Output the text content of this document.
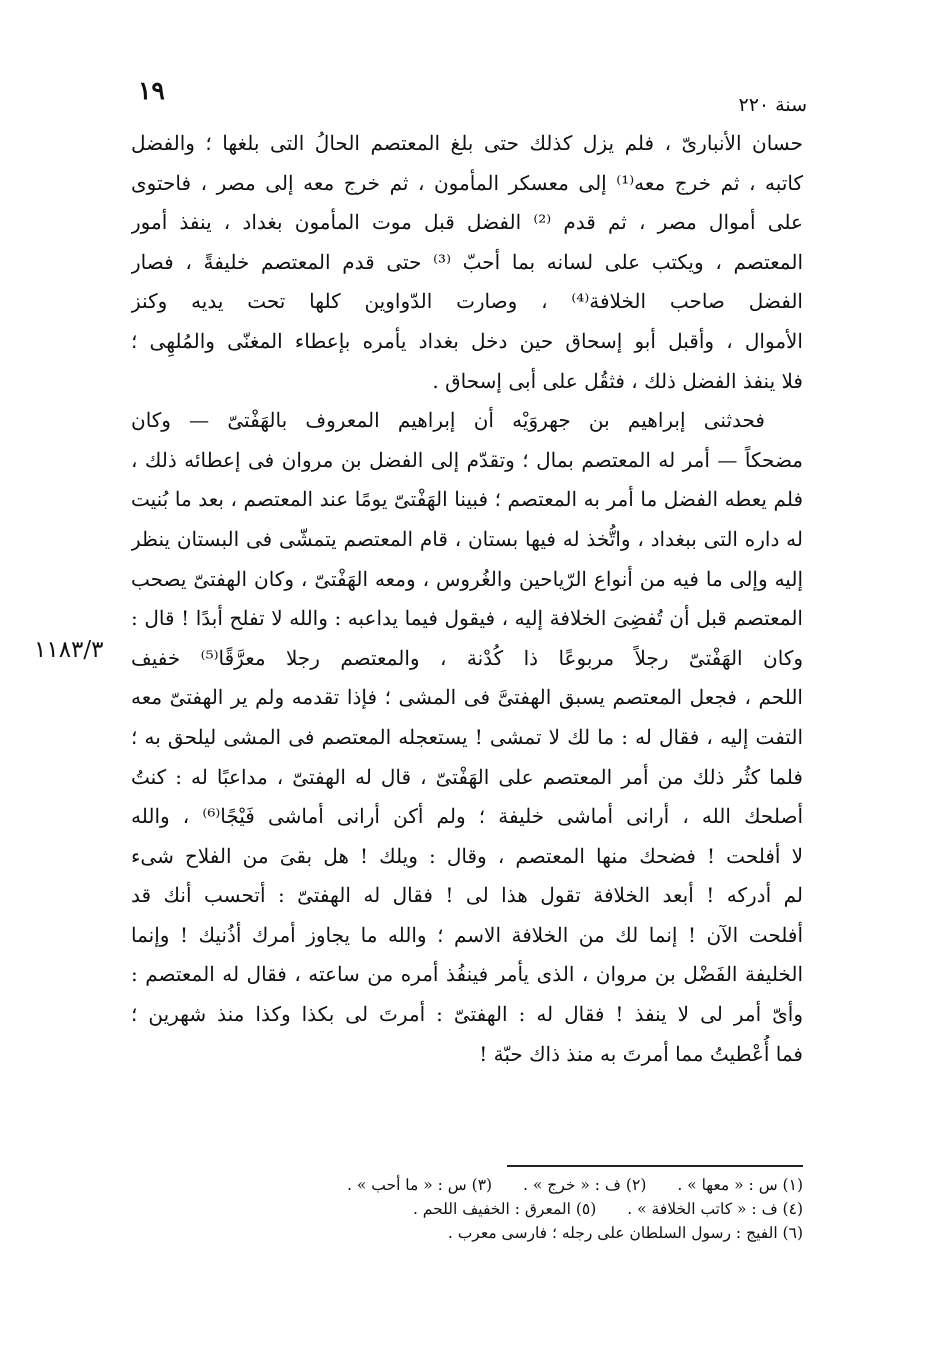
١٩	سنة ٢٢٠
١١٨٣/٣
حسان الأنبارىّ ، فلم يزل كذلك حتى بلغ المعتصم الحالُ التى بلغها ؛ والفضل
كاتبه ، ثم خرج معه⁽¹⁾ إلى معسكر المأمون ، ثم خرج معه إلى مصر ، فاحتوى
على أموال مصر ، ثم قدم ⁽²⁾ الفضل قبل موت المأمون بغداد ، ينفذ أمور
المعتصم ، ويكتب على لسانه بما أحبّ ⁽³⁾ حتى قدم المعتصم خليفةً ، فصار
الفضل صاحب الخلافة⁽⁴⁾ ، وصارت الدّواوين كلها تحت يديه وكنز
الأموال ، وأقبل أبو إسحاق حين دخل بغداد يأمره بإعطاء المغنّى والمُلهِى ؛
فلا ينفذ الفضل ذلك ، فثقُل على أبى إسحاق .
فحدثنى إبراهيم بن جهروَيْه أن إبراهيم المعروف بالهَفْتىّ — وكان
مضحكاً — أمر له المعتصم بمال ؛ وتقدّم إلى الفضل بن مروان فى إعطائه ذلك ،
فلم يعطه الفضل ما أمر به المعتصم ؛ فبينا الهَفْتىّ يومًا عند المعتصم ، بعد ما بُنيت
له داره التى ببغداد ، واتُّخذ له فيها بستان ، قام المعتصم يتمشّى فى البستان ينظر
إليه وإلى ما فيه من أنواع الرّياحين والغُروس ، ومعه الهَفْتىّ ، وكان الهفتىّ يصحب
المعتصم قبل أن تُفضِىَ الخلافة إليه ، فيقول فيما يداعبه : والله لا تفلح أبدًا ! قال :
وكان الهَفْتىّ رجلاً مربوعًا ذا كُدْنة ، والمعتصم رجلا معرَّقًا⁽⁵⁾ خفيف
اللحم ، فجعل المعتصم يسبق الهفتىَّ فى المشى ؛ فإذا تقدمه ولم ير الهفتىّ معه
التفت إليه ، فقال له : ما لك لا تمشى ! يستعجله المعتصم فى المشى ليلحق به ؛
فلما كثُر ذلك من أمر المعتصم على الهَفْتىّ ، قال له الهفتىّ ، مداعبًا له : كنتُ
أصلحك الله ، أرانى أماشى خليفة ؛ ولم أكن أرانى أماشى فَيْجًا⁽⁶⁾ ، والله
لا أفلحت ! فضحك منها المعتصم ، وقال : ويلك ! هل بقىَ من الفلاح شىء
لم أدركه ! أبعد الخلافة تقول هذا لى ! فقال له الهفتىّ : أتحسب أنك قد
أفلحت الآن ! إنما لك من الخلافة الاسم ؛ والله ما يجاوز أمرك أذُنيك ! وإنما
الخليفة الفَضْل بن مروان ، الذى يأمر فينفُذ أمره من ساعته ، فقال له المعتصم :
وأىّ أمر لى لا ينفذ ! فقال له : الهفتىّ : أمرتَ لى بكذا وكذا منذ شهرين ؛
فما أُعْطيتُ مما أمرتَ به منذ ذاك حبّة !
(١) س : « معها » . (٢) ف : « خرج » . (٣) س : « ما أحب » .
(٤) ف : « كاتب الخلافة » . (٥) المعرق : الخفيف اللحم .
(٦) الفيج : رسول السلطان على رجله ؛ فارسى معرب .
